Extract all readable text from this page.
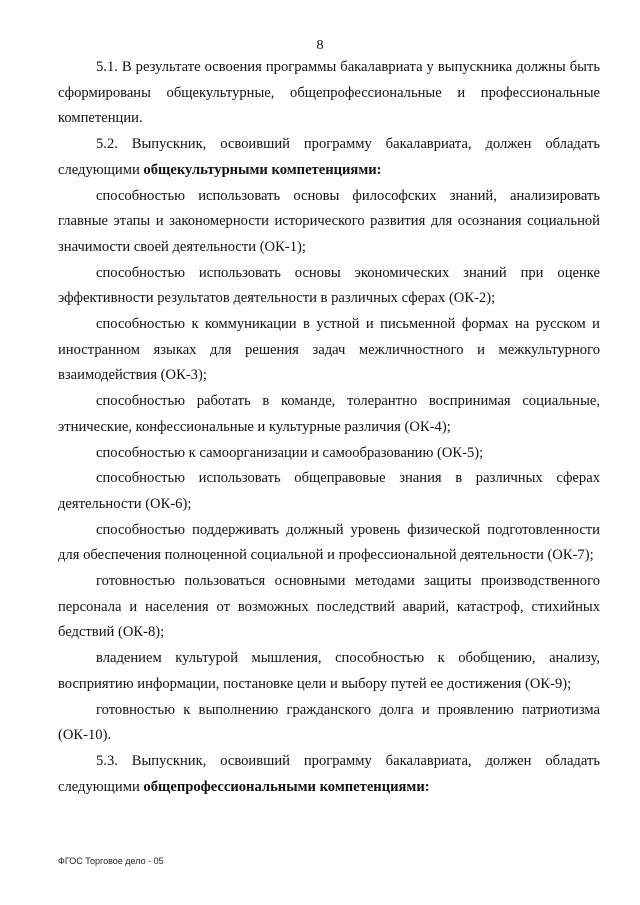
8

5.1. В результате освоения программы бакалавриата у выпускника должны быть сформированы общекультурные, общепрофессиональные и профессиональные компетенции.

5.2. Выпускник, освоивший программу бакалавриата, должен обладать следующими общекультурными компетенциями:

способностью использовать основы философских знаний, анализировать главные этапы и закономерности исторического развития для осознания социальной значимости своей деятельности (ОК-1);

способностью использовать основы экономических знаний при оценке эффективности результатов деятельности в различных сферах (ОК-2);

способностью к коммуникации в устной и письменной формах на русском и иностранном языках для решения задач межличностного и межкультурного взаимодействия (ОК-3);

способностью работать в команде, толерантно воспринимая социальные, этнические, конфессиональные и культурные различия (ОК-4);

способностью к самоорганизации и самообразованию (ОК-5);

способностью использовать общеправовые знания в различных сферах деятельности (ОК-6);

способностью поддерживать должный уровень физической подготовленности для обеспечения полноценной социальной и профессиональной деятельности (ОК-7);

готовностью пользоваться основными методами защиты производственного персонала и населения от возможных последствий аварий, катастроф, стихийных бедствий (ОК-8);

владением культурой мышления, способностью к обобщению, анализу, восприятию информации, постановке цели и выбору путей ее достижения (ОК-9);

готовностью к выполнению гражданского долга и проявлению патриотизма (ОК-10).

5.3. Выпускник, освоивший программу бакалавриата, должен обладать следующими общепрофессиональными компетенциями:

ФГОС Торговое дело - 05
